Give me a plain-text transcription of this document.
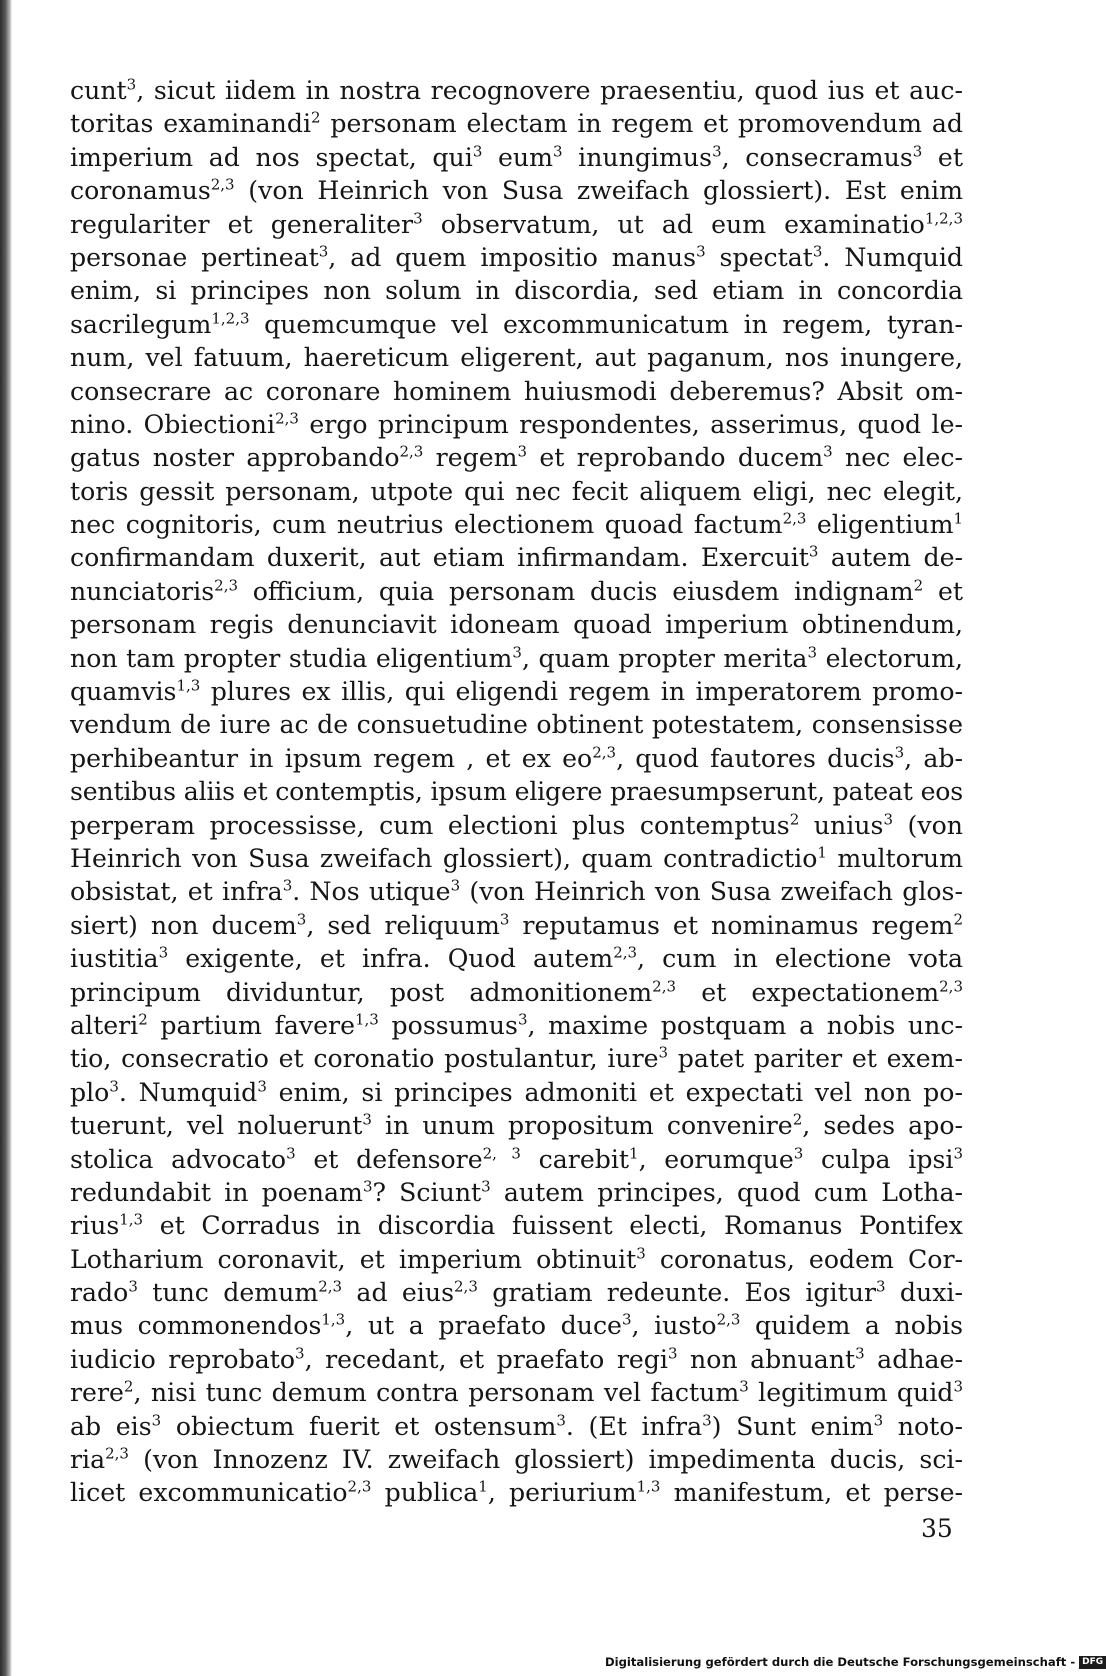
cunt$^3$, sicut iidem in nostra recognovere praesentiu, quod ius et auc-
toritas examinandi$^2$ personam electam in regem et promovendum ad
imperium ad nos spectat, qui$^3$ eum$^3$ inungimus$^3$, consecramus$^3$ et
coronamus$^{2,3}$ (von Heinrich von Susa zweifach glossiert). Est enim
regulariter et generaliter$^3$ observatum, ut ad eum examinatio$^{1,2,3}$
personae pertineat$^3$, ad quem impositio manus$^3$ spectat$^3$. Numquid
enim, si principes non solum in discordia, sed etiam in concordia
sacrilegum$^{1,2,3}$ quemcumque vel excommunicatum in regem, tyran-
num, vel fatuum, haereticum eligerent, aut paganum, nos inungere,
consecrare ac coronare hominem huiusmodi deberemus? Absit om-
nino. Obiectioni$^{2,3}$ ergo principum respondentes, asserimus, quod le-
gatus noster approbando$^{2,3}$ regem$^3$ et reprobando ducem$^3$ nec elec-
toris gessit personam, utpote qui nec fecit aliquem eligi, nec elegit,
nec cognitoris, cum neutrius electionem quoad factum$^{2,3}$ eligentium$^1$
confirmandam duxerit, aut etiam infirmandam. Exercuit$^3$ autem de-
nunciatoris$^{2,3}$ officium, quia personam ducis eiusdem indignam$^2$ et
personam regis denunciavit idoneam quoad imperium obtinendum,
non tam propter studia eligentium$^3$, quam propter merita$^3$ electorum,
quamvis$^{1,3}$ plures ex illis, qui eligendi regem in imperatorem promo-
vendum de iure ac de consuetudine obtinent potestatem, consensisse
perhibeantur in ipsum regem , et ex eo$^{2,3}$, quod fautores ducis$^3$, ab-
sentibus aliis et contemptis, ipsum eligere praesumpserunt, pateat eos
perperam processisse, cum electioni plus contemptus$^2$ unius$^3$ (von
Heinrich von Susa zweifach glossiert), quam contradictio$^1$ multorum
obsistat, et infra$^3$. Nos utique$^3$ (von Heinrich von Susa zweifach glos-
siert) non ducem$^3$, sed reliquum$^3$ reputamus et nominamus regem$^2$
iustitia$^3$ exigente, et infra. Quod autem$^{2,3}$, cum in electione vota
principum dividuntur, post admonitionem$^{2,3}$ et expectationem$^{2,3}$
alteri$^2$ partium favere$^{1,3}$ possumus$^3$, maxime postquam a nobis unc-
tio, consecratio et coronatio postulantur, iure$^3$ patet pariter et exem-
plo$^3$. Numquid$^3$ enim, si principes admoniti et expectati vel non po-
tuerunt, vel noluerunt$^3$ in unum propositum convenire$^2$, sedes apo-
stolica advocato$^3$ et defensore$^{2, 3}$ carebit$^1$, eorumque$^3$ culpa ipsi$^3$
redundabit in poenam$^3$? Sciunt$^3$ autem principes, quod cum Lotha-
rius$^{1,3}$ et Corradus in discordia fuissent electi, Romanus Pontifex
Lotharium coronavit, et imperium obtinuit$^3$ coronatus, eodem Cor-
rado$^3$ tunc demum$^{2,3}$ ad eius$^{2,3}$ gratiam redeunte. Eos igitur$^3$ duxi-
mus commonendos$^{1,3}$, ut a praefato duce$^3$, iusto$^{2,3}$ quidem a nobis
iudicio reprobato$^3$, recedant, et praefato regi$^3$ non abnuant$^3$ adhae-
rere$^2$, nisi tunc demum contra personam vel factum$^3$ legitimum quid$^3$
ab eis$^3$ obiectum fuerit et ostensum$^3$. (Et infra$^3$) Sunt enim$^3$ noto-
ria$^{2,3}$ (von Innozenz IV. zweifach glossiert) impedimenta ducis, sci-
licet excommunicatio$^{2,3}$ publica$^1$, periurium$^{1,3}$ manifestum, et perse-
35
Digitalisierung gefördert durch die Deutsche Forschungsgemeinschaft - DFG
